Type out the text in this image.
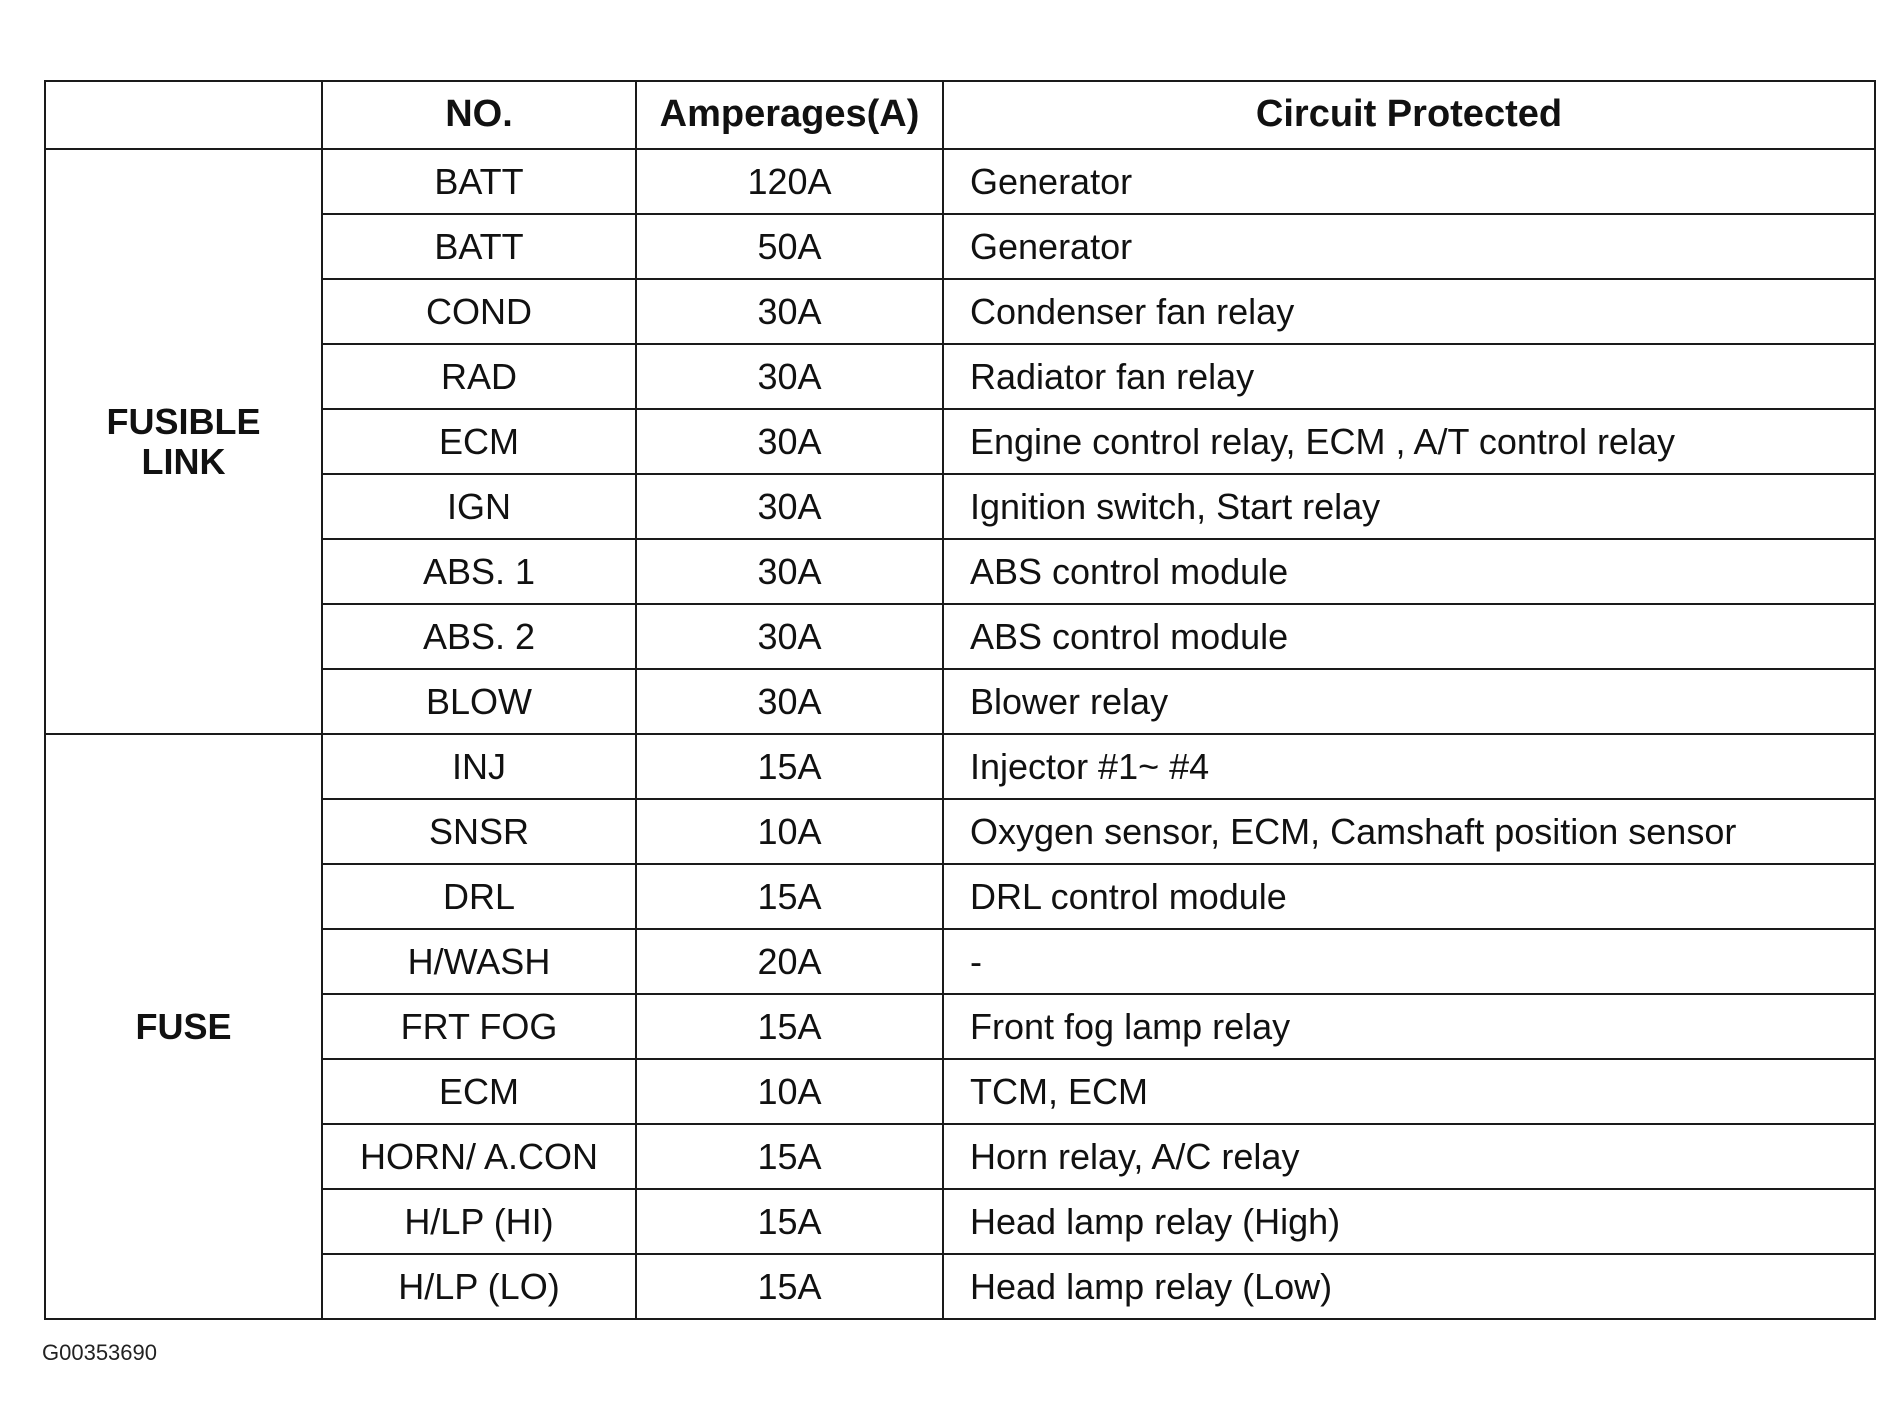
	NO.	Amperages(A)	Circuit Protected

FUSIBLE
LINK	BATT	120A	Generator
	BATT	50A	Generator
	COND	30A	Condenser fan relay
	RAD	30A	Radiator fan relay
	ECM	30A	Engine control relay, ECM , A/T control relay
	IGN	30A	Ignition switch, Start relay
	ABS. 1	30A	ABS control module
	ABS. 2	30A	ABS control module
	BLOW	30A	Blower relay

FUSE	INJ	15A	Injector #1~ #4
	SNSR	10A	Oxygen sensor, ECM, Camshaft position sensor
	DRL	15A	DRL control module
	H/WASH	20A	-
	FRT FOG	15A	Front fog lamp relay
	ECM	10A	TCM, ECM
	HORN/ A.CON	15A	Horn relay, A/C relay
	H/LP (HI)	15A	Head lamp relay (High)
	H/LP (LO)	15A	Head lamp relay (Low)
G00353690
